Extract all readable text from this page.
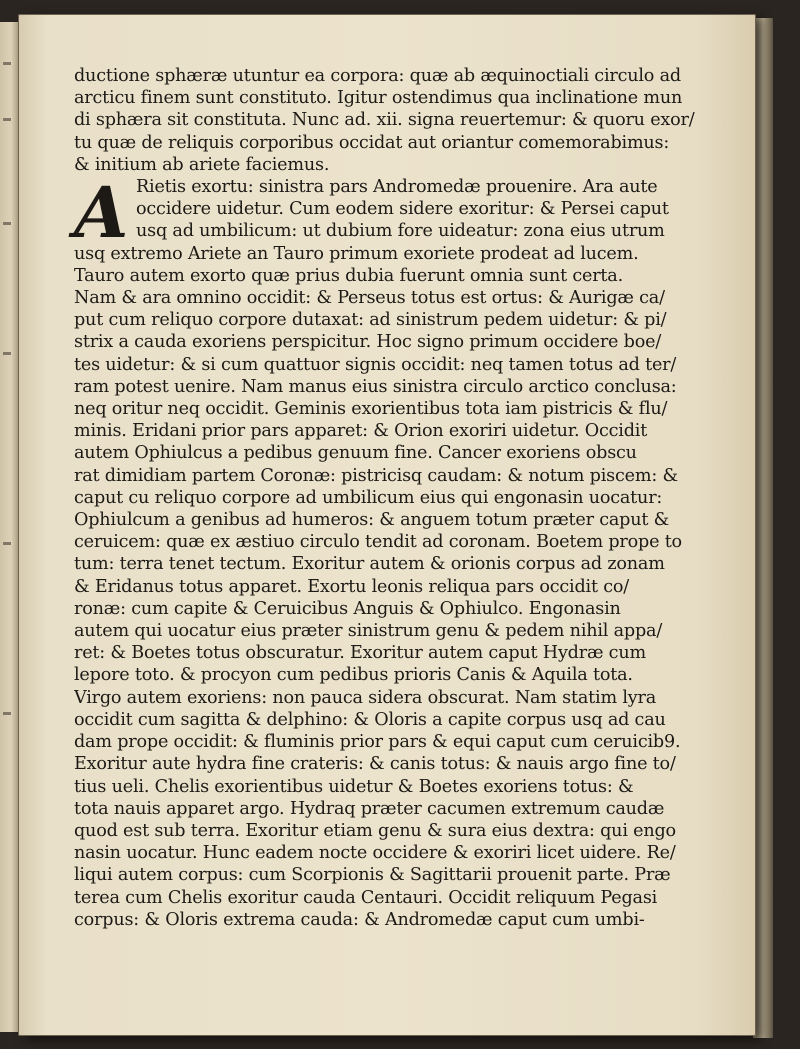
ductione sphæræ utuntur ea corpora: quæ ab æquinoctiali circulo ad
arcticu finem sunt constituto. Igitur ostendimus qua inclinatione mun
di sphæra sit constituta. Nunc ad. xii. signa reuertemur: & quoru exor/
tu quæ de reliquis corporibus occidat aut oriantur comemorabimus:
& initium ab ariete faciemus.
A Rietis exortu: sinistra pars Andromedæ prouenire. Ara aute
occidere uidetur. Cum eodem sidere exoritur: & Persei caput
usq ad umbilicum: ut dubium fore uideatur: zona eius utrum
usq extremo Ariete an Tauro primum exoriete prodeat ad lucem.
Tauro autem exorto quæ prius dubia fuerunt omnia sunt certa.
Nam & ara omnino occidit: & Perseus totus est ortus: & Aurigæ ca/
put cum reliquo corpore dutaxat: ad sinistrum pedem uidetur: & pi/
strix a cauda exoriens perspicitur. Hoc signo primum occidere boe/
tes uidetur: & si cum quattuor signis occidit: neq tamen totus ad ter/
ram potest uenire. Nam manus eius sinistra circulo arctico conclusa:
neq oritur neq occidit. Geminis exorientibus tota iam pistricis & flu/
minis. Eridani prior pars apparet: & Orion exoriri uidetur. Occidit
autem Ophiulcus a pedibus genuum fine. Cancer exoriens obscu
rat dimidiam partem Coronæ: pistricisq caudam: & notum piscem: &
caput cu reliquo corpore ad umbilicum eius qui engonasin uocatur:
Ophiulcum a genibus ad humeros: & anguem totum præter caput &
ceruicem: quæ ex æstiuo circulo tendit ad coronam. Boetem prope to
tum: terra tenet tectum. Exoritur autem & orionis corpus ad zonam
& Eridanus totus apparet. Exortu leonis reliqua pars occidit co/
ronæ: cum capite & Ceruicibus Anguis & Ophiulco. Engonasin
autem qui uocatur eius præter sinistrum genu & pedem nihil appa/
ret: & Boetes totus obscuratur. Exoritur autem caput Hydræ cum
lepore toto. & procyon cum pedibus prioris Canis & Aquila tota.
Virgo autem exoriens: non pauca sidera obscurat. Nam statim lyra
occidit cum sagitta & delphino: & Oloris a capite corpus usq ad cau
dam prope occidit: & fluminis prior pars & equi caput cum ceruicib9.
Exoritur aute hydra fine crateris: & canis totus: & nauis argo fine to/
tius ueli. Chelis exorientibus uidetur & Boetes exoriens totus: &
tota nauis apparet argo. Hydraq præter cacumen extremum caudæ
quod est sub terra. Exoritur etiam genu & sura eius dextra: qui engo
nasin uocatur. Hunc eadem nocte occidere & exoriri licet uidere. Re/
liqui autem corpus: cum Scorpionis & Sagittarii prouenit parte. Præ
terea cum Chelis exoritur cauda Centauri. Occidit reliquum Pegasi
corpus: & Oloris extrema cauda: & Andromedæ caput cum umbi-
